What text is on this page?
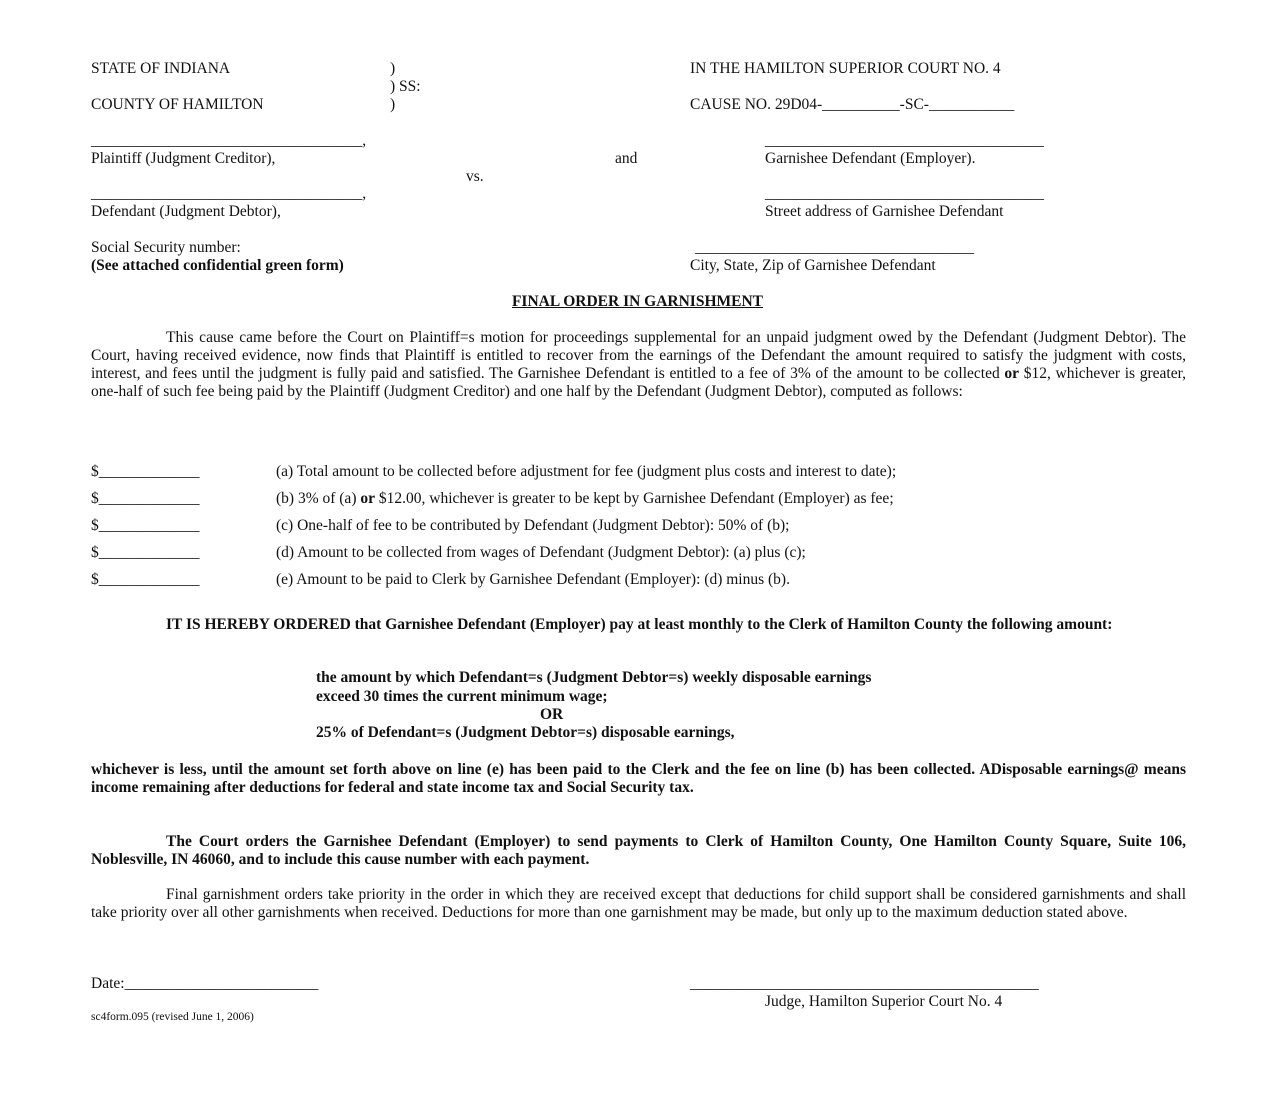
STATE OF INDIANA	)
) SS:
COUNTY OF HAMILTON	)
IN THE HAMILTON SUPERIOR COURT NO. 4
CAUSE NO. 29D04-__________-SC-___________
___________________________________,
Plaintiff (Judgment Creditor),	and
vs.
___________________________________,
Defendant (Judgment Debtor),
Social Security number:
(See attached confidential green form)
____________________________________
Garnishee Defendant (Employer).
____________________________________
Street address of Garnishee Defendant
____________________________________
City, State, Zip of Garnishee Defendant
FINAL ORDER IN GARNISHMENT

This cause came before the Court on Plaintiff=s motion for proceedings supplemental for an unpaid judgment owed by the Defendant (Judgment Debtor). The Court, having received evidence, now finds that Plaintiff is entitled to recover from the earnings of the Defendant the amount required to satisfy the judgment with costs, interest, and fees until the judgment is fully paid and satisfied. The Garnishee Defendant is entitled to a fee of 3% of the amount to be collected or $12, whichever is greater, one-half of such fee being paid by the Plaintiff (Judgment Creditor) and one half by the Defendant (Judgment Debtor), computed as follows:

$_____________	(a) Total amount to be collected before adjustment for fee (judgment plus costs and interest to date);
$_____________	(b) 3% of (a) or $12.00, whichever is greater to be kept by Garnishee Defendant (Employer) as fee;
$_____________	(c) One-half of fee to be contributed by Defendant (Judgment Debtor): 50% of (b);
$_____________	(d) Amount to be collected from wages of Defendant (Judgment Debtor): (a) plus (c);
$_____________	(e) Amount to be paid to Clerk by Garnishee Defendant (Employer): (d) minus (b).

IT IS HEREBY ORDERED that Garnishee Defendant (Employer) pay at least monthly to the Clerk of Hamilton County the following amount:

the amount by which Defendant=s (Judgment Debtor=s) weekly disposable earnings
exceed 30 times the current minimum wage;
OR
25% of Defendant=s (Judgment Debtor=s) disposable earnings,

whichever is less, until the amount set forth above on line (e) has been paid to the Clerk and the fee on line (b) has been collected. ADisposable earnings@ means income remaining after deductions for federal and state income tax and Social Security tax.

The Court orders the Garnishee Defendant (Employer) to send payments to Clerk of Hamilton County, One Hamilton County Square, Suite 106, Noblesville, IN 46060, and to include this cause number with each payment.

Final garnishment orders take priority in the order in which they are received except that deductions for child support shall be considered garnishments and shall take priority over all other garnishments when received. Deductions for more than one garnishment may be made, but only up to the maximum deduction stated above.

Date:_________________________	_____________________________________________
Judge, Hamilton Superior Court No. 4
sc4form.095 (revised June 1, 2006)
